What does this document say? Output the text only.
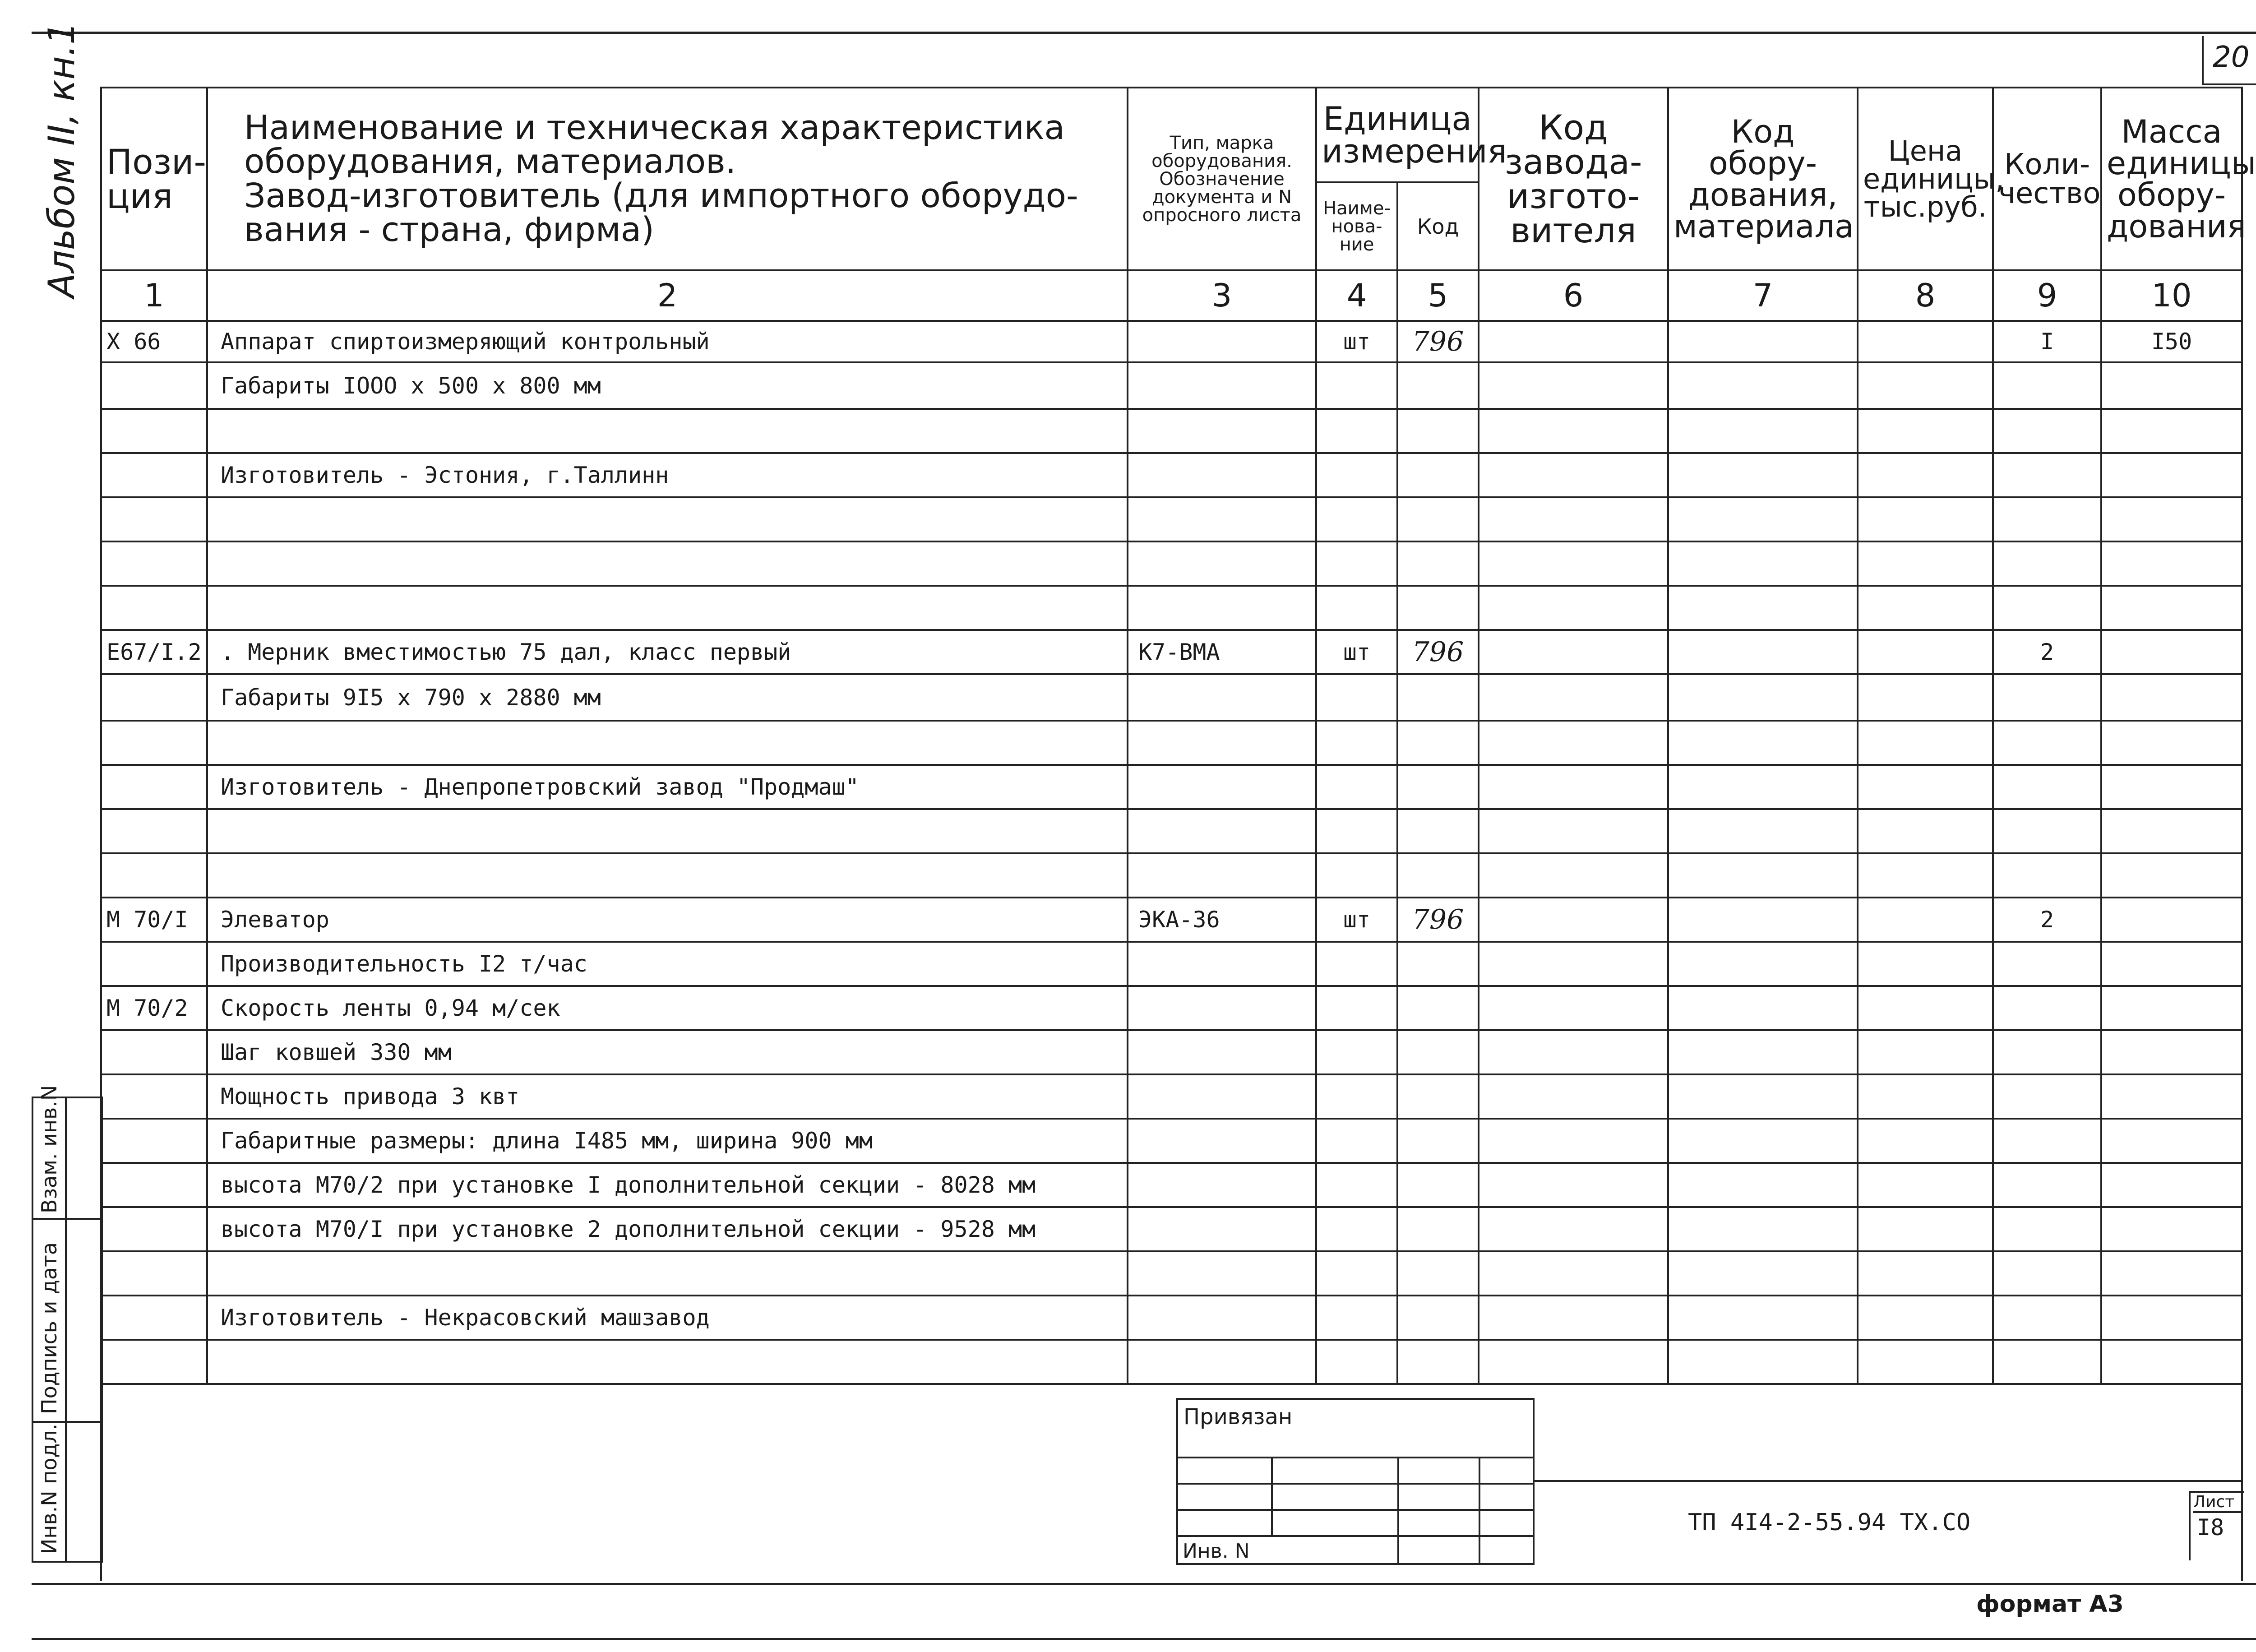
20
Альбом II, кн.1
Инв.N подл.
Подпись и дата
Взам. инв.N
Пози-ция	Наименование и техническая характеристика
оборудования, материалов.
Завод-изготовитель (для импортного оборудо-
вания - страна, фирма)	Тип, марка оборудования. Обозначение документа и N опросного листа	Единица измерения		Код завода-изгото-вителя	Код обору-дования, материала	Цена единицы, тыс.руб.	Коли-чество	Масса единицы обору-дования
			Наиме-нова-ние	Код					
1	2	3	4	5	6	7	8	9	10
X 66	Аппарат спиртоизмеряющий контрольный		шт	796				I	I50
	Габариты IOOO x 500 x 800 мм								

	Изготовитель - Эстония, г.Таллинн								

E67/I.2	. Мерник вместимостью 75 дал, класс первый	К7-ВМА	шт	796				2	
	Габариты 9I5 x 790 x 2880 мм								

	Изготовитель - Днепропетровский завод "Продмаш"								

M 70/I	Элеватор	ЭКА-36	шт	796				2	
	Производительность I2 т/час								
M 70/2	Скорость ленты 0,94 м/сек								
	Шаг ковшей 330 мм								
	Мощность привода 3 квт								
	Габаритные размеры: длина I485 мм, ширина 900 мм								
	высота M70/2 при установке I дополнительной секции - 8028 мм								
	высота M70/I при установке 2 дополнительной секции - 9528 мм								

	Изготовитель - Некрасовский машзавод								

Привязан			

Инв. N			
ТП 4I4-2-55.94 ТХ.СО
Лист
I8
формат А3
